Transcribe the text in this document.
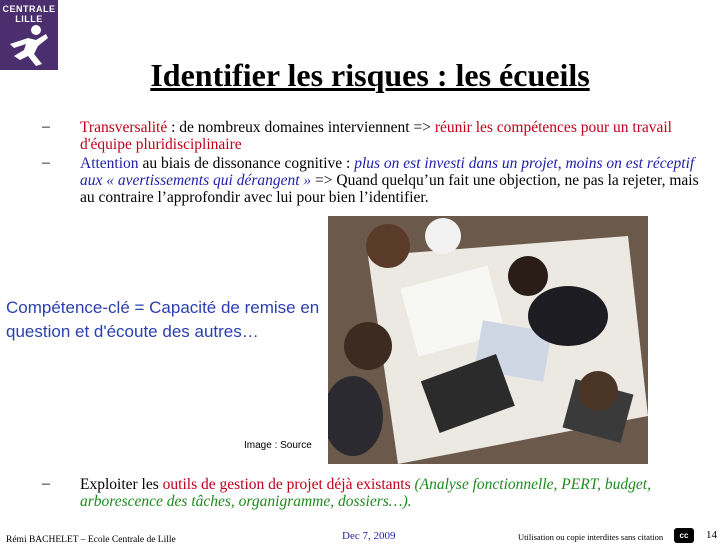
CENTRALE
LILLE
Identifier les risques : les écueils
– Transversalité : de nombreux domaines interviennent => réunir les compétences pour un travail d'équipe pluridisciplinaire
– Attention au biais de dissonance cognitive : plus on est investi dans un projet, moins on est réceptif aux « avertissements qui dérangent » => Quand quelqu’un fait une objection, ne pas la rejeter, mais au contraire l’approfondir avec lui pour bien l’identifier.
Compétence-clé = Capacité de remise en question et d'écoute des autres…
Image : Source
– Exploiter les outils de gestion de projet déjà existants (Analyse fonctionnelle, PERT, budget, arborescence des tâches, organigramme, dossiers…).
Rémi BACHELET – Ecole Centrale de Lille	Dec 7, 2009	Utilisation ou copie interdites sans citation	cc	14
